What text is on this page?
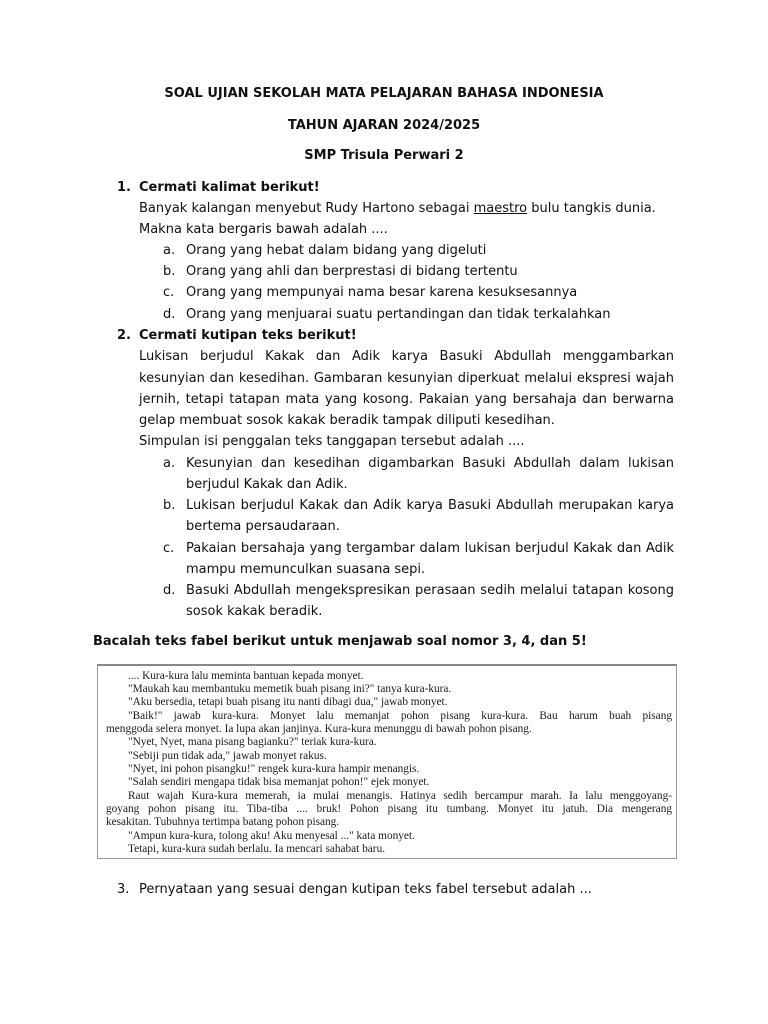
SOAL UJIAN SEKOLAH MATA PELAJARAN BAHASA INDONESIA
TAHUN AJARAN 2024/2025
SMP Trisula Perwari 2
1. Cermati kalimat berikut!
Banyak kalangan menyebut Rudy Hartono sebagai maestro bulu tangkis dunia.
Makna kata bergaris bawah adalah ....
a. Orang yang hebat dalam bidang yang digeluti
b. Orang yang ahli dan berprestasi di bidang tertentu
c. Orang yang mempunyai nama besar karena kesuksesannya
d. Orang yang menjuarai suatu pertandingan dan tidak terkalahkan
2. Cermati kutipan teks berikut!
Lukisan berjudul Kakak dan Adik karya Basuki Abdullah menggambarkan
kesunyian dan kesedihan. Gambaran kesunyian diperkuat melalui ekspresi wajah
jernih, tetapi tatapan mata yang kosong. Pakaian yang bersahaja dan berwarna
gelap membuat sosok kakak beradik tampak diliputi kesedihan.
Simpulan isi penggalan teks tanggapan tersebut adalah ....
a. Kesunyian dan kesedihan digambarkan Basuki Abdullah dalam lukisan
berjudul Kakak dan Adik.
b. Lukisan berjudul Kakak dan Adik karya Basuki Abdullah merupakan karya
bertema persaudaraan.
c. Pakaian bersahaja yang tergambar dalam lukisan berjudul Kakak dan Adik
mampu memunculkan suasana sepi.
d. Basuki Abdullah mengekspresikan perasaan sedih melalui tatapan kosong
sosok kakak beradik.
Bacalah teks fabel berikut untuk menjawab soal nomor 3, 4, dan 5!
.... Kura-kura lalu meminta bantuan kepada monyet.
"Maukah kau membantuku memetik buah pisang ini?" tanya kura-kura.
"Aku bersedia, tetapi buah pisang itu nanti dibagi dua," jawab monyet.
"Baik!" jawab kura-kura. Monyet lalu memanjat pohon pisang kura-kura. Bau harum buah pisang
menggoda selera monyet. Ia lupa akan janjinya. Kura-kura menunggu di bawah pohon pisang.
"Nyet, Nyet, mana pisang bagianku?" teriak kura-kura.
"Sebiji pun tidak ada," jawab monyet rakus.
"Nyet, ini pohon pisangku!" rengek kura-kura hampir menangis.
"Salah sendiri mengapa tidak bisa memanjat pohon!" ejek monyet.
Raut wajah Kura-kura memerah, ia mulai menangis. Hatinya sedih bercampur marah. Ia lalu menggoyang-
goyang pohon pisang itu. Tiba-tiba .... bruk! Pohon pisang itu tumbang. Monyet itu jatuh. Dia mengerang
kesakitan. Tubuhnya tertimpa batang pohon pisang.
"Ampun kura-kura, tolong aku! Aku menyesal ..." kata monyet.
Tetapi, kura-kura sudah berlalu. Ia mencari sahabat baru.
3. Pernyataan yang sesuai dengan kutipan teks fabel tersebut adalah ...
